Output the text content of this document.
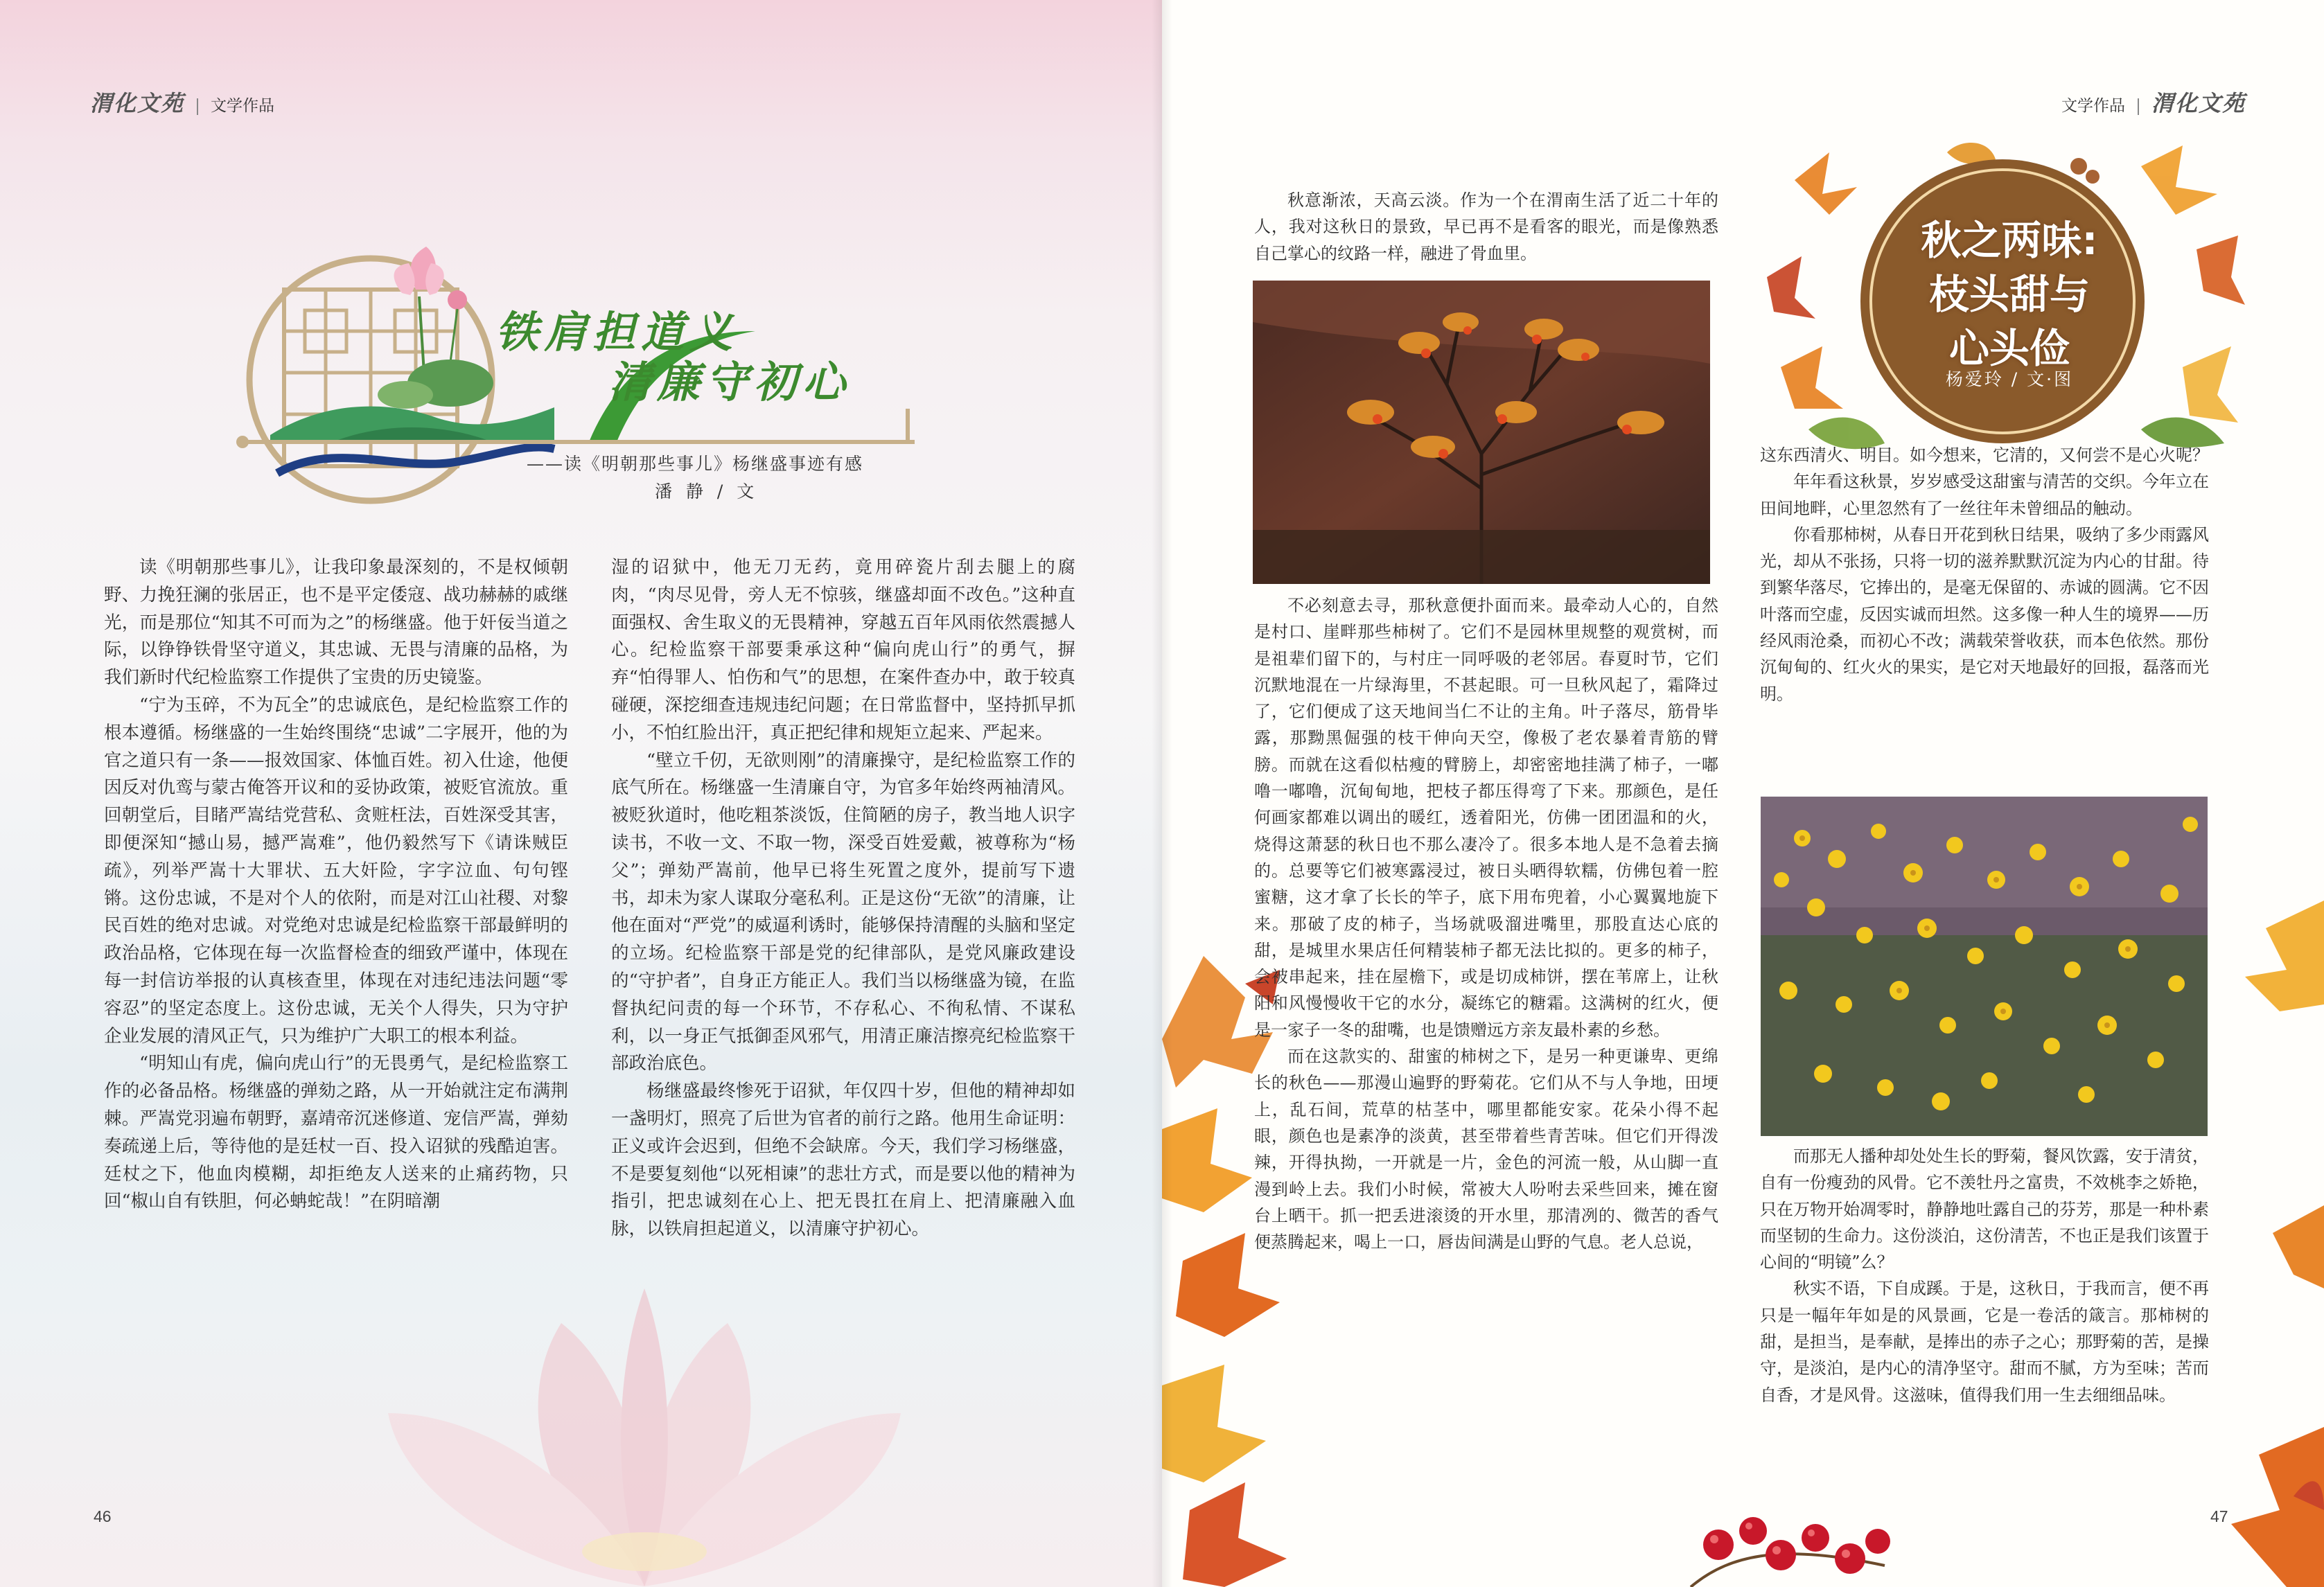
渭化文苑 文学作品
铁肩担道义
清廉守初心
——读《明朝那些事儿》杨继盛事迹有感
潘 静 / 文

读《明朝那些事儿》，让我印象最深刻的，不是权倾朝野、力挽狂澜的张居正，也不是平定倭寇、战功赫赫的戚继光，而是那位“知其不可而为之”的杨继盛。他于奸佞当道之际，以铮铮铁骨坚守道义，其忠诚、无畏与清廉的品格，为我们新时代纪检监察工作提供了宝贵的历史镜鉴。

“宁为玉碎，不为瓦全”的忠诚底色，是纪检监察工作的根本遵循。杨继盛的一生始终围绕“忠诚”二字展开，他的为官之道只有一条——报效国家、体恤百姓。初入仕途，他便因反对仇鸾与蒙古俺答开议和的妥协政策，被贬官流放。重回朝堂后，目睹严嵩结党营私、贪赃枉法，百姓深受其害，即便深知“撼山易，撼严嵩难”，他仍毅然写下《请诛贼臣疏》，列举严嵩十大罪状、五大奸险，字字泣血、句句铿锵。这份忠诚，不是对个人的依附，而是对江山社稷、对黎民百姓的绝对忠诚。对党绝对忠诚是纪检监察干部最鲜明的政治品格，它体现在每一次监督检查的细致严谨中，体现在每一封信访举报的认真核查里，体现在对违纪违法问题“零容忍”的坚定态度上。这份忠诚，无关个人得失，只为守护企业发展的清风正气，只为维护广大职工的根本利益。

“明知山有虎，偏向虎山行”的无畏勇气，是纪检监察工作的必备品格。杨继盛的弹劾之路，从一开始就注定布满荆棘。严嵩党羽遍布朝野，嘉靖帝沉迷修道、宠信严嵩，弹劾奏疏递上后，等待他的是廷杖一百、投入诏狱的残酷迫害。廷杖之下，他血肉模糊，却拒绝友人送来的止痛药物，只回“椒山自有铁胆，何必蚺蛇哉！”在阴暗潮

湿的诏狱中，他无刀无药，竟用碎瓷片刮去腿上的腐肉，“肉尽见骨，旁人无不惊骇，继盛却面不改色。”这种直面强权、舍生取义的无畏精神，穿越五百年风雨依然震撼人心。纪检监察干部要秉承这种“偏向虎山行”的勇气，摒弃“怕得罪人、怕伤和气”的思想，在案件查办中，敢于较真碰硬，深挖细查违规违纪问题；在日常监督中，坚持抓早抓小，不怕红脸出汗，真正把纪律和规矩立起来、严起来。

“壁立千仞，无欲则刚”的清廉操守，是纪检监察工作的底气所在。杨继盛一生清廉自守，为官多年始终两袖清风。被贬狄道时，他吃粗茶淡饭，住简陋的房子，教当地人识字读书，不收一文、不取一物，深受百姓爱戴，被尊称为“杨父”；弹劾严嵩前，他早已将生死置之度外，提前写下遗书，却未为家人谋取分毫私利。正是这份“无欲”的清廉，让他在面对“严党”的威逼利诱时，能够保持清醒的头脑和坚定的立场。纪检监察干部是党的纪律部队，是党风廉政建设的“守护者”，自身正方能正人。我们当以杨继盛为镜，在监督执纪问责的每一个环节，不存私心、不徇私情、不谋私利，以一身正气抵御歪风邪气，用清正廉洁擦亮纪检监察干部政治底色。

杨继盛最终惨死于诏狱，年仅四十岁，但他的精神却如一盏明灯，照亮了后世为官者的前行之路。他用生命证明：正义或许会迟到，但绝不会缺席。今天，我们学习杨继盛，不是要复刻他“以死相谏”的悲壮方式，而是要以他的精神为指引，把忠诚刻在心上、把无畏扛在肩上、把清廉融入血脉，以铁肩担起道义，以清廉守护初心。

46
文学作品 渭化文苑
秋之两味:
枝头甜与
心头俭
杨爱玲 / 文·图

秋意渐浓，天高云淡。作为一个在渭南生活了近二十年的人，我对这秋日的景致，早已再不是看客的眼光，而是像熟悉自己掌心的纹路一样，融进了骨血里。

不必刻意去寻，那秋意便扑面而来。最牵动人心的，自然是村口、崖畔那些柿树了。它们不是园林里规整的观赏树，而是祖辈们留下的，与村庄一同呼吸的老邻居。春夏时节，它们沉默地混在一片绿海里，不甚起眼。可一旦秋风起了，霜降过了，它们便成了这天地间当仁不让的主角。叶子落尽，筋骨毕露，那黝黑倔强的枝干伸向天空，像极了老农暴着青筋的臂膀。而就在这看似枯瘦的臂膀上，却密密地挂满了柿子，一嘟噜一嘟噜，沉甸甸地，把枝子都压得弯了下来。那颜色，是任何画家都难以调出的暖红，透着阳光，仿佛一团团温和的火，烧得这萧瑟的秋日也不那么凄冷了。很多本地人是不急着去摘的。总要等它们被寒露浸过，被日头晒得软糯，仿佛包着一腔蜜糖，这才拿了长长的竿子，底下用布兜着，小心翼翼地旋下来。那破了皮的柿子，当场就吸溜进嘴里，那股直达心底的甜，是城里水果店任何精装柿子都无法比拟的。更多的柿子，会被串起来，挂在屋檐下，或是切成柿饼，摆在苇席上，让秋阳和风慢慢收干它的水分，凝练它的糖霜。这满树的红火，便是一家子一冬的甜嘴，也是馈赠远方亲友最朴素的乡愁。

而在这款实的、甜蜜的柿树之下，是另一种更谦卑、更绵长的秋色——那漫山遍野的野菊花。它们从不与人争地，田埂上，乱石间，荒草的枯茎中，哪里都能安家。花朵小得不起眼，颜色也是素净的淡黄，甚至带着些青苦味。但它们开得泼辣，开得执拗，一开就是一片，金色的河流一般，从山脚一直漫到岭上去。我们小时候，常被大人吩咐去采些回来，摊在窗台上晒干。抓一把丢进滚烫的开水里，那清冽的、微苦的香气便蒸腾起来，喝上一口，唇齿间满是山野的气息。老人总说，

这东西清火、明目。如今想来，它清的，又何尝不是心火呢？

年年看这秋景，岁岁感受这甜蜜与清苦的交织。今年立在田间地畔，心里忽然有了一丝往年未曾细品的触动。

你看那柿树，从春日开花到秋日结果，吸纳了多少雨露风光，却从不张扬，只将一切的滋养默默沉淀为内心的甘甜。待到繁华落尽，它捧出的，是毫无保留的、赤诚的圆满。它不因叶落而空虚，反因实诚而坦然。这多像一种人生的境界——历经风雨沧桑，而初心不改；满载荣誉收获，而本色依然。那份沉甸甸的、红火火的果实，是它对天地最好的回报，磊落而光明。

而那无人播种却处处生长的野菊，餐风饮露，安于清贫，自有一份瘦劲的风骨。它不羡牡丹之富贵，不效桃李之娇艳，只在万物开始凋零时，静静地吐露自己的芬芳，那是一种朴素而坚韧的生命力。这份淡泊，这份清苦，不也正是我们该置于心间的“明镜”么？

秋实不语，下自成蹊。于是，这秋日，于我而言，便不再只是一幅年年如是的风景画，它是一卷活的箴言。那柿树的甜，是担当，是奉献，是捧出的赤子之心；那野菊的苦，是操守，是淡泊，是内心的清净坚守。甜而不腻，方为至味；苦而自香，才是风骨。这滋味，值得我们用一生去细细品味。

47
